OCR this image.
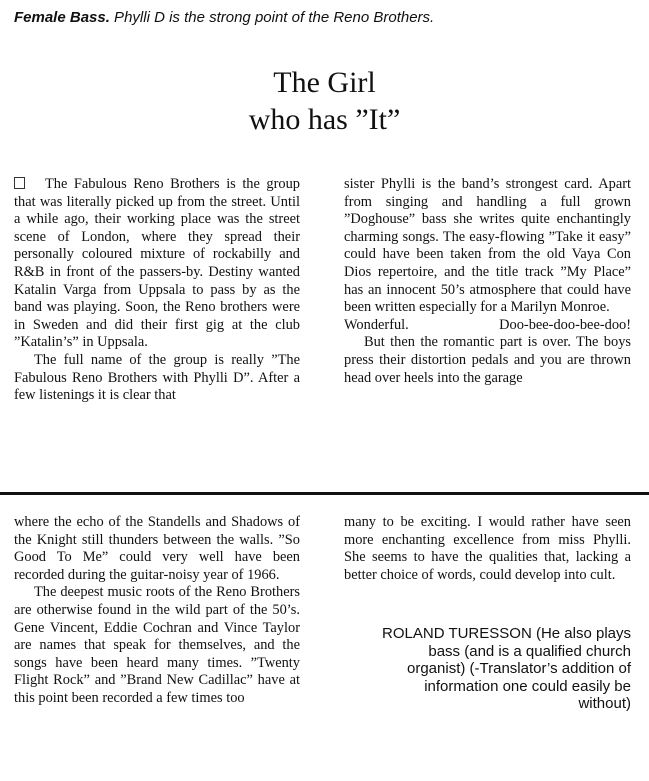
Female Bass. Phylli D is the strong point of the Reno Brothers.
The Girl
who has ”It”

The Fabulous Reno Brothers is the group that was literally picked up from the street. Until a while ago, their working place was the street scene of London, where they spread their personally coloured mixture of rockabilly and R&B in front of the passers-by. Destiny wanted Katalin Varga from Uppsala to pass by as the band was playing. Soon, the Reno brothers were in Sweden and did their first gig at the club ”Katalin’s” in Uppsala.

The full name of the group is really ”The Fabulous Reno Brothers with Phylli D”. After a few listenings it is clear that

sister Phylli is the band’s strongest card. Apart from singing and handling a full grown ”Doghouse” bass she writes quite enchantingly charming songs. The easy-flowing ”Take it easy” could have been taken from the old Vaya Con Dios repertoire, and the title track ”My Place” has an innocent 50’s atmosphere that could have been written especially for a Marilyn Monroe.
Doo-bee-doo-bee-doo!

Wonderful.

But then the romantic part is over. The boys press their distortion pedals and you are thrown head over heels into the garage

where the echo of the Standells and Shadows of the Knight still thunders between the walls. ”So Good To Me” could very well have been recorded during the guitar-noisy year of 1966.

The deepest music roots of the Reno Brothers are otherwise found in the wild part of the 50’s. Gene Vincent, Eddie Cochran and Vince Taylor are names that speak for themselves, and the songs have been heard many times. ”Twenty Flight Rock” and ”Brand New Cadillac” have at this point been recorded a few times too

many to be exciting. I would rather have seen more enchanting excellence from miss Phylli. She seems to have the qualities that, lacking a better choice of words, could develop into cult.

ROLAND TURESSON (He also plays
bass (and is a qualified church
organist) (-Translator’s addition of
information one could easily be
without)
